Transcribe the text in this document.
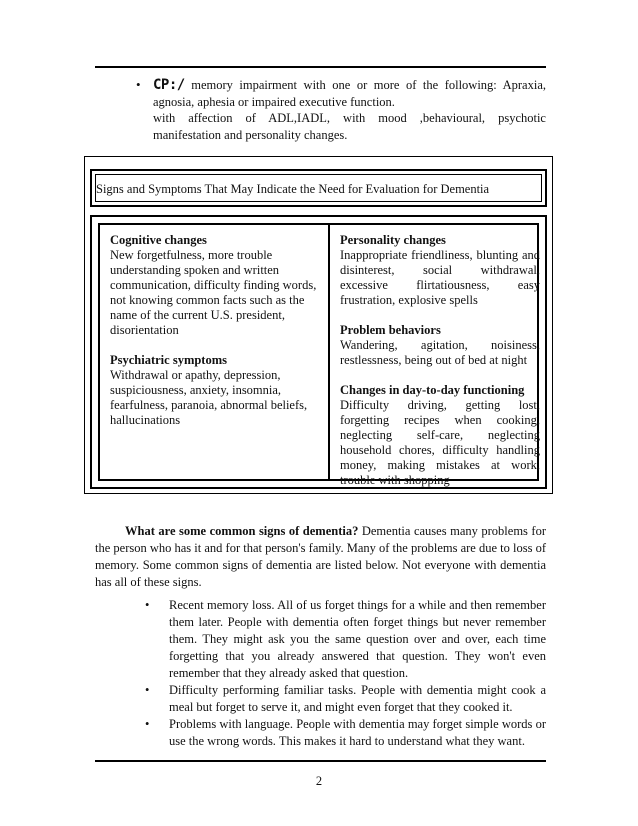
• CP:/ memory impairment with one or more of the following: Apraxia, agnosia, aphesia or impaired executive function.
with affection of ADL,IADL, with mood ,behavioural, psychotic manifestation and personality changes.
Signs and Symptoms That May Indicate the Need for Evaluation for Dementia

Cognitive changes

New forgetfulness, more trouble understanding spoken and written communication, difficulty finding words, not knowing common facts such as the name of the current U.S. president, disorientation

Psychiatric symptoms

Withdrawal or apathy, depression, suspiciousness, anxiety, insomnia, fearfulness, paranoia, abnormal beliefs, hallucinations

Personality changes

Inappropriate friendliness, blunting and disinterest, social withdrawal, excessive flirtatiousness, easy frustration, explosive spells

Problem behaviors

Wandering, agitation, noisiness, restlessness, being out of bed at night

Changes in day-to-day functioning

Difficulty driving, getting lost, forgetting recipes when cooking, neglecting self-care, neglecting household chores, difficulty handling money, making mistakes at work, trouble with shopping

What are some common signs of dementia? Dementia causes many problems for the person who has it and for that person's family. Many of the problems are due to loss of memory. Some common signs of dementia are listed below. Not everyone with dementia has all of these signs.
• Recent memory loss. All of us forget things for a while and then remember them later. People with dementia often forget things but never remember them. They might ask you the same question over and over, each time forgetting that you already answered that question. They won't even remember that they already asked that question.
• Difficulty performing familiar tasks. People with dementia might cook a meal but forget to serve it, and might even forget that they cooked it.
• Problems with language. People with dementia may forget simple words or use the wrong words. This makes it hard to understand what they want.
2
